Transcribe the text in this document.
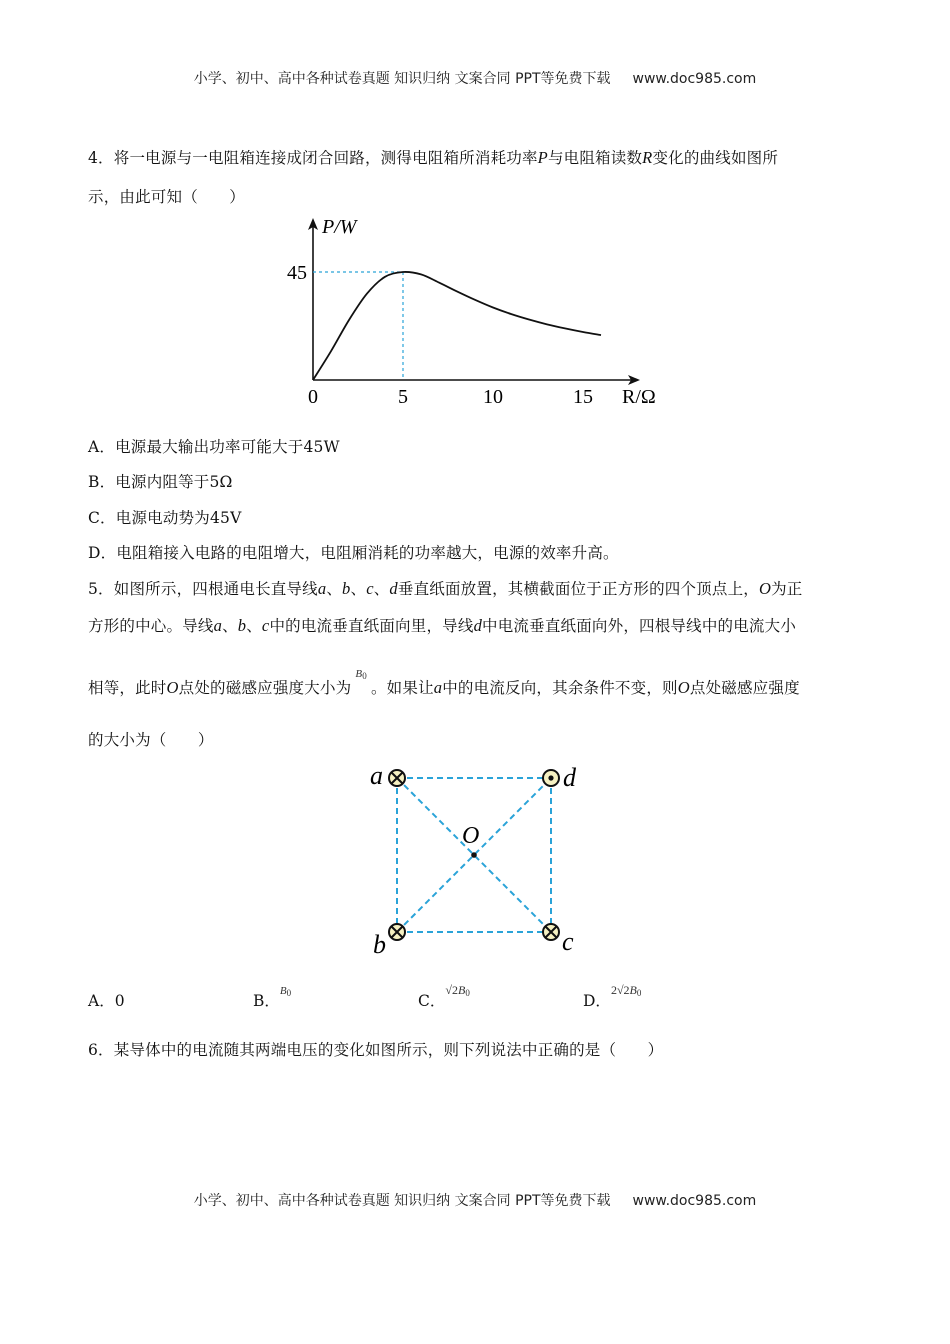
小学、初中、高中各种试卷真题 知识归纳 文案合同 PPT等免费下载 www.doc985.com
4．将一电源与一电阻箱连接成闭合回路，测得电阻箱所消耗功率P与电阻箱读数R变化的曲线如图所
示，由此可知（　　）
0	5	10	15
45
P/W
R/Ω
A．电源最大输出功率可能大于45W
B．电源内阻等于5Ω
C．电源电动势为45V
D．电阻箱接入电路的电阻增大，电阻厢消耗的功率越大，电源的效率升高。
5．如图所示，四根通电长直导线a、b、c、d垂直纸面放置，其横截面位于正方形的四个顶点上，O为正
方形的中心。导线a、b、c中的电流垂直纸面向里，导线d中电流垂直纸面向外，四根导线中的电流大小
相等，此时O点处的磁感应强度大小为$^{B_0}$。如果让a中的电流反向，其余条件不变，则O点处磁感应强度
的大小为（　　）
O
a	d
b	c
A．0	B．$^{B_0}$	C．$^{√2B_0}$	D．$^{2√2B_0}$
6．某导体中的电流随其两端电压的变化如图所示，则下列说法中正确的是（　　）
小学、初中、高中各种试卷真题 知识归纳 文案合同 PPT等免费下载 www.doc985.com
